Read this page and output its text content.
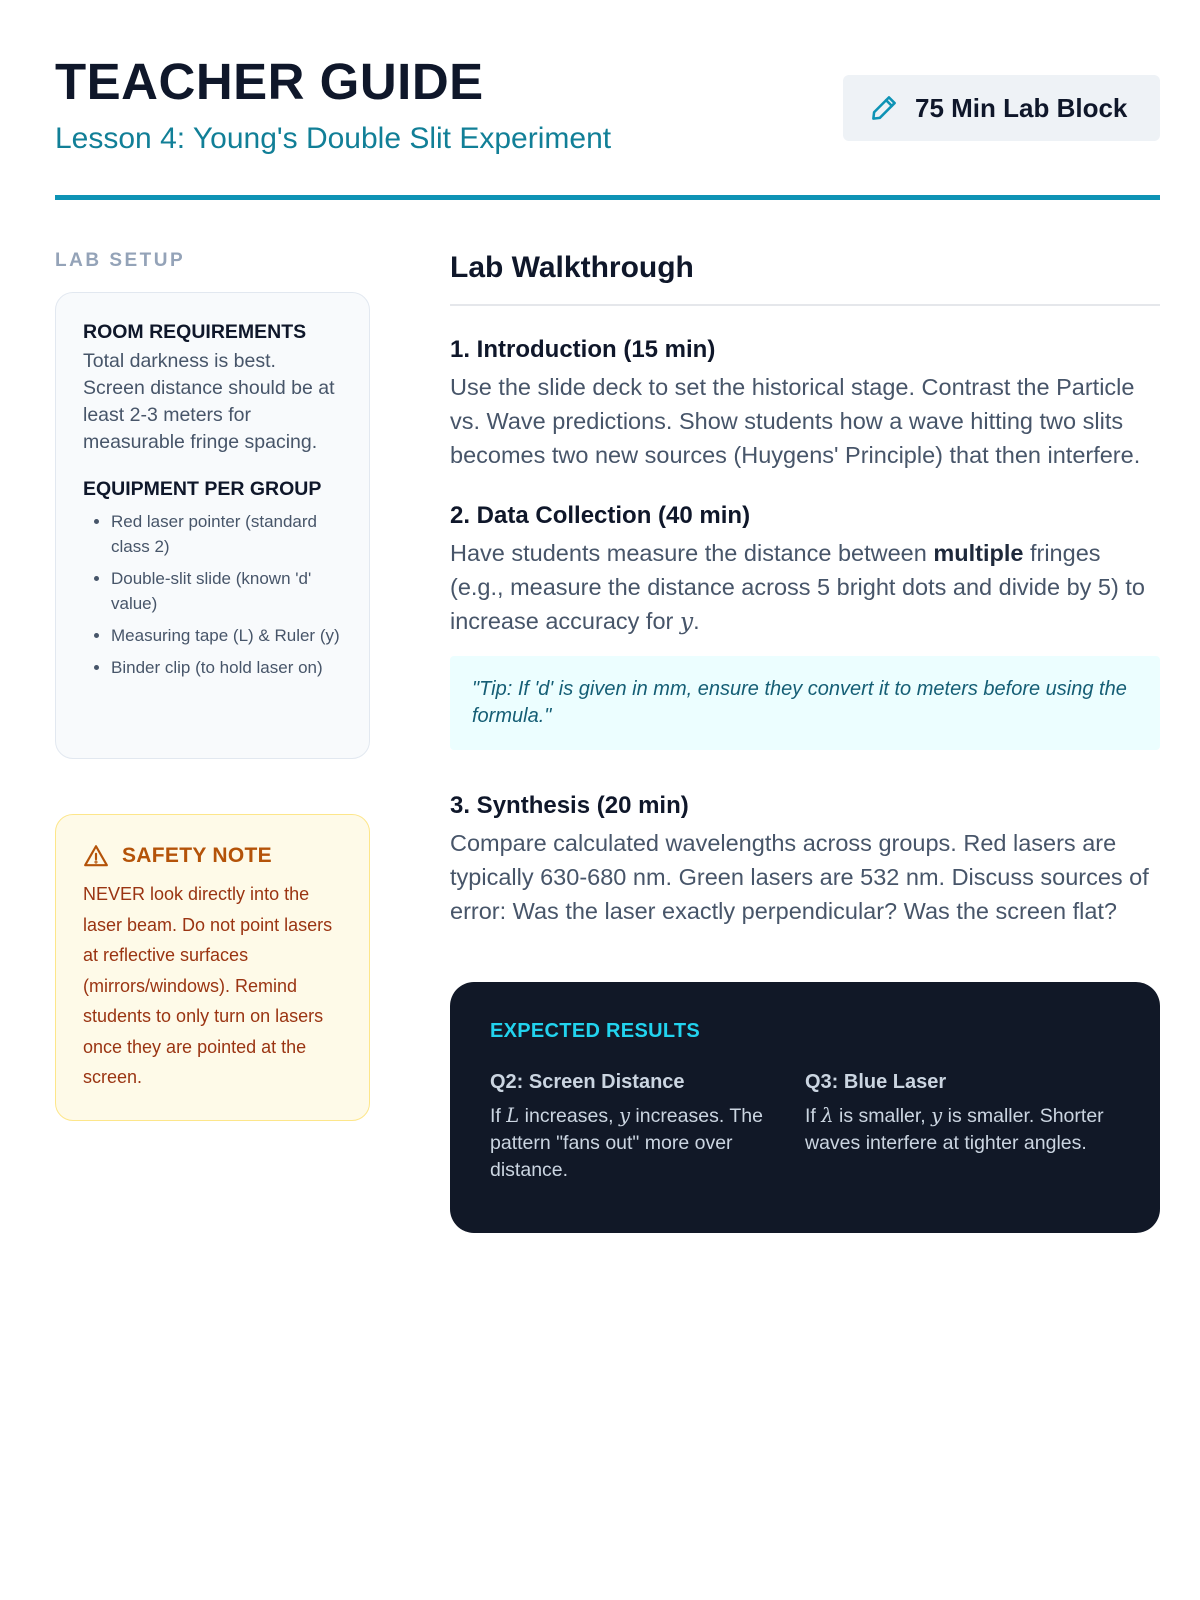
TEACHER GUIDE
Lesson 4: Young's Double Slit Experiment
75 Min Lab Block
LAB SETUP
ROOM REQUIREMENTS

Total darkness is best. Screen distance should be at least 2-3 meters for measurable fringe spacing.

EQUIPMENT PER GROUP
• Red laser pointer (standard class 2)
• Double-slit slide (known 'd' value)
• Measuring tape (L) & Ruler (y)
• Binder clip (to hold laser on)
SAFETY NOTE

NEVER look directly into the laser beam. Do not point lasers at reflective surfaces (mirrors/windows). Remind students to only turn on lasers once they are pointed at the screen.

Lab Walkthrough
1. Introduction (15 min)

Use the slide deck to set the historical stage. Contrast the Particle vs. Wave predictions. Show students how a wave hitting two slits becomes two new sources (Huygens' Principle) that then interfere.

2. Data Collection (40 min)

Have students measure the distance between multiple fringes (e.g., measure the distance across 5 bright dots and divide by 5) to increase accuracy for y.

"Tip: If 'd' is given in mm, ensure they convert it to meters before using the formula."

3. Synthesis (20 min)

Compare calculated wavelengths across groups. Red lasers are typically 630-680 nm. Green lasers are 532 nm. Discuss sources of error: Was the laser exactly perpendicular? Was the screen flat?

EXPECTED RESULTS
Q2: Screen Distance

If L increases, y increases. The pattern "fans out" more over distance.

Q3: Blue Laser

If λ is smaller, y is smaller. Shorter waves interfere at tighter angles.
